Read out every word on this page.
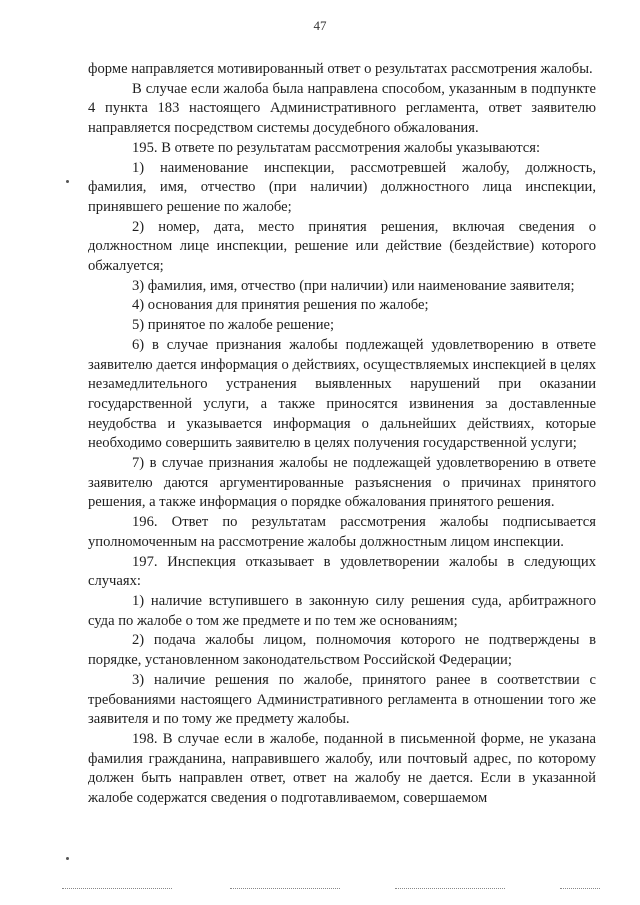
47

форме направляется мотивированный ответ о результатах рассмотрения жалобы.

В случае если жалоба была направлена способом, указанным в подпункте 4 пункта 183 настоящего Административного регламента, ответ заявителю направляется посредством системы досудебного обжалования.

195. В ответе по результатам рассмотрения жалобы указываются:

1) наименование инспекции, рассмотревшей жалобу, должность, фамилия, имя, отчество (при наличии) должностного лица инспекции, принявшего решение по жалобе;

2) номер, дата, место принятия решения, включая сведения о должностном лице инспекции, решение или действие (бездействие) которого обжалуется;

3) фамилия, имя, отчество (при наличии) или наименование заявителя;

4) основания для принятия решения по жалобе;

5) принятое по жалобе решение;

6) в случае признания жалобы подлежащей удовлетворению в ответе заявителю дается информация о действиях, осуществляемых инспекцией в целях незамедлительного устранения выявленных нарушений при оказании государственной услуги, а также приносятся извинения за доставленные неудобства и указывается информация о дальнейших действиях, которые необходимо совершить заявителю в целях получения государственной услуги;

7) в случае признания жалобы не подлежащей удовлетворению в ответе заявителю даются аргументированные разъяснения о причинах принятого решения, а также информация о порядке обжалования принятого решения.

196. Ответ по результатам рассмотрения жалобы подписывается уполномоченным на рассмотрение жалобы должностным лицом инспекции.

197. Инспекция отказывает в удовлетворении жалобы в следующих случаях:

1) наличие вступившего в законную силу решения суда, арбитражного суда по жалобе о том же предмете и по тем же основаниям;

2) подача жалобы лицом, полномочия которого не подтверждены в порядке, установленном законодательством Российской Федерации;

3) наличие решения по жалобе, принятого ранее в соответствии с требованиями настоящего Административного регламента в отношении того же заявителя и по тому же предмету жалобы.

198. В случае если в жалобе, поданной в письменной форме, не указана фамилия гражданина, направившего жалобу, или почтовый адрес, по которому должен быть направлен ответ, ответ на жалобу не дается. Если в указанной жалобе содержатся сведения о подготавливаемом, совершаемом
